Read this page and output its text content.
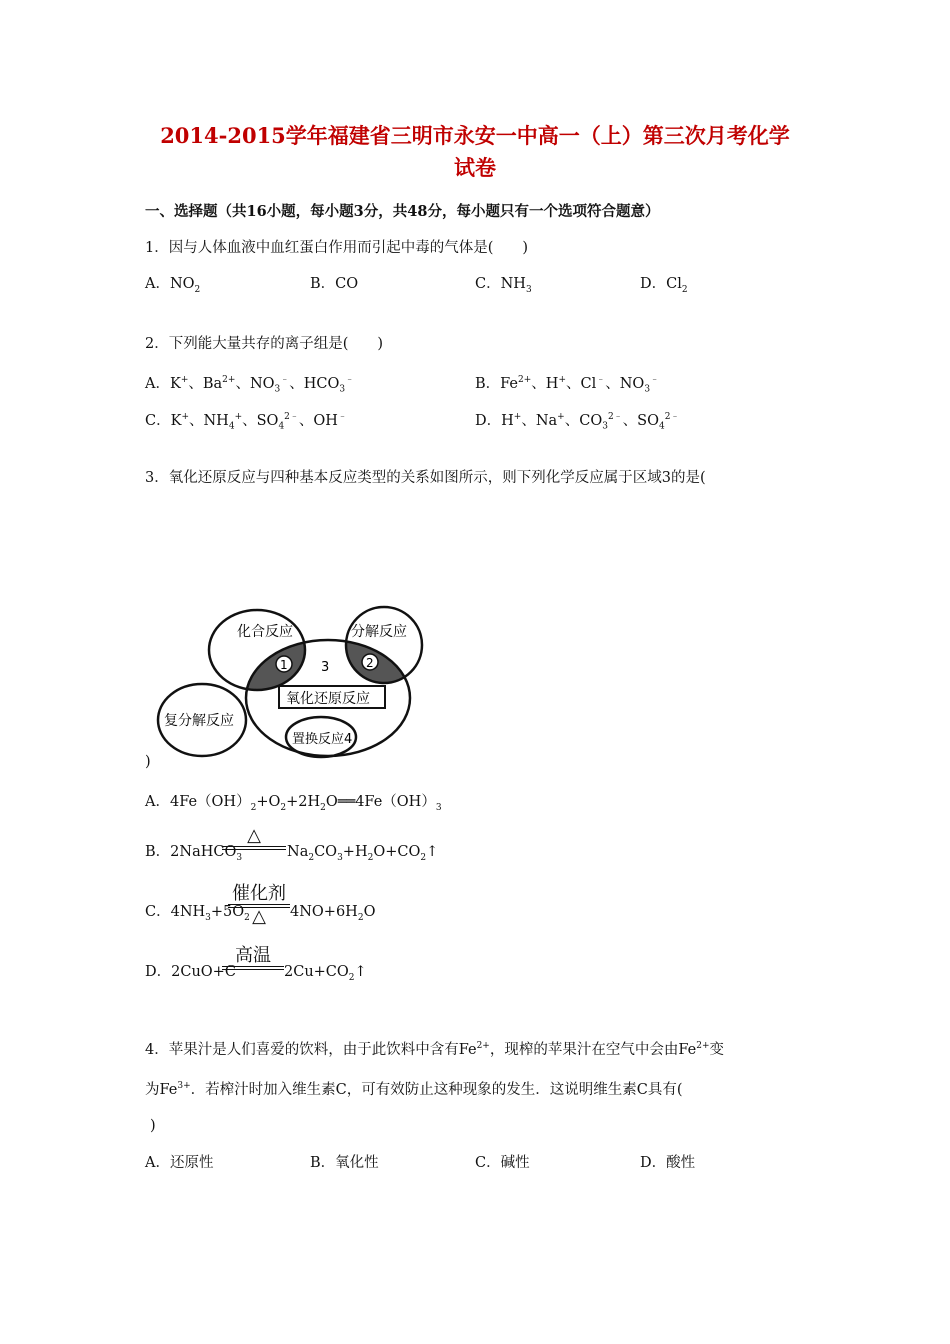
2014-2015学年福建省三明市永安一中高一（上）第三次月考化学
试卷
一、选择题（共16小题，每小题3分，共48分，每小题只有一个选项符合题意）
1．因与人体血液中血红蛋白作用而引起中毒的气体是(　　)
A．$NO_2$	B．CO	C．$NH_3$	D．$Cl_2$
2．下列能大量共存的离子组是(　　)
A．K+、$Ba^{2+}$、$NO_3^﹣$、$HCO_3^﹣$	B．$Fe^{2+}$、H+、Cl﹣、$NO_3^﹣$
C．K+、$NH_4^+$、$SO_4^{2﹣}$、OH﹣	D．H+、Na+、$CO_3^{2﹣}$、$SO_4^{2﹣}$
3．氧化还原反应与四种基本反应类型的关系如图所示，则下列化学反应属于区域3的是(
化合反应	分解反应
复分解反应
氧化还原反应
置换反应4
1	2
3
)
A．$4Fe(OH)_2+O_2+2H_2O══4Fe(OH)_3$
B．2NaHCO$_3$
△
$Na_2CO_3+H_2O+CO_2↑$
C．$4NH_3+5O_2$
催化剂
△	$4NO+6H_2O$
D．2CuO+C
高温
$2Cu+CO_2↑$
4．苹果汁是人们喜爱的饮料，由于此饮料中含有$Fe^{2+}$，现榨的苹果汁在空气中会由$Fe^{2+}$变
为$Fe^{3+}$．若榨汁时加入维生素C，可有效防止这种现象的发生．这说明维生素C具有(
)
A．还原性	B．氧化性	C．碱性	D．酸性
